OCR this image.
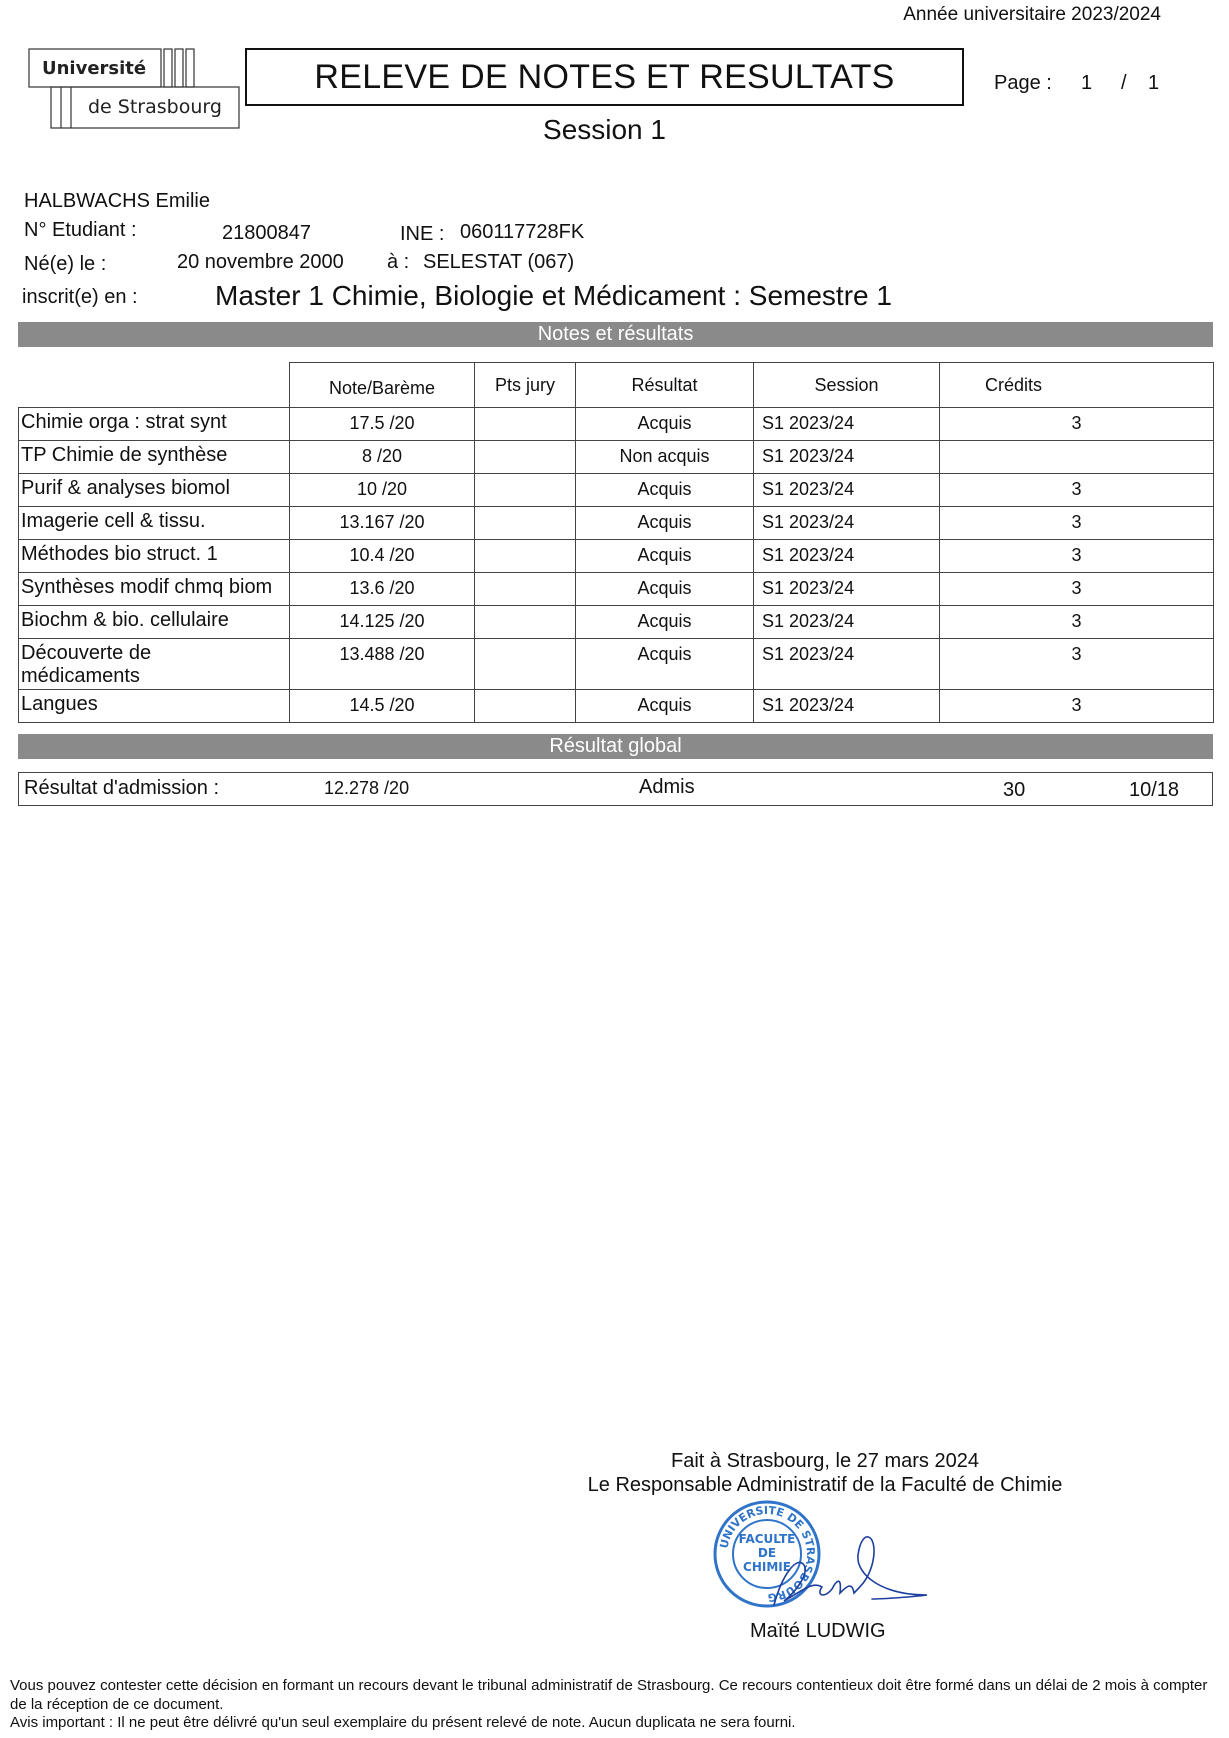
Année universitaire 2023/2024
Université
de Strasbourg
RELEVE DE NOTES ET RESULTATS
Session 1
Page : 1 / 1
HALBWACHS Emilie
N° Etudiant :	21800847	INE : 060117728FK
Né(e) le :	20 novembre 2000 à : SELESTAT (067)
inscrit(e) en :	Master 1 Chimie, Biologie et Médicament : Semestre 1
Notes et résultats
	Note/Barème	Pts jury	Résultat	Session	Crédits
Chimie orga : strat synt	17.5 /20		Acquis	S1 2023/24	3
TP Chimie de synthèse	8 /20		Non acquis	S1 2023/24	
Purif & analyses biomol	10 /20		Acquis	S1 2023/24	3
Imagerie cell & tissu.	13.167 /20		Acquis	S1 2023/24	3
Méthodes bio struct. 1	10.4 /20		Acquis	S1 2023/24	3
Synthèses modif chmq biom	13.6 /20		Acquis	S1 2023/24	3
Biochm & bio. cellulaire	14.125 /20		Acquis	S1 2023/24	3
Découverte de médicaments	13.488 /20		Acquis	S1 2023/24	3
Langues	14.5 /20		Acquis	S1 2023/24	3
Résultat global
Résultat d'admission :	12.278 /20	Admis	30	10/18
Fait à Strasbourg, le 27 mars 2024
Le Responsable Administratif de la Faculté de Chimie
UNIVERSITE DE STRASBOURG
FACULTE
DE
CHIMIE
Maïté LUDWIG
Vous pouvez contester cette décision en formant un recours devant le tribunal administratif de Strasbourg. Ce recours contentieux doit être formé dans un délai de 2 mois à compter de la réception de ce document.
Avis important : Il ne peut être délivré qu'un seul exemplaire du présent relevé de note. Aucun duplicata ne sera fourni.
